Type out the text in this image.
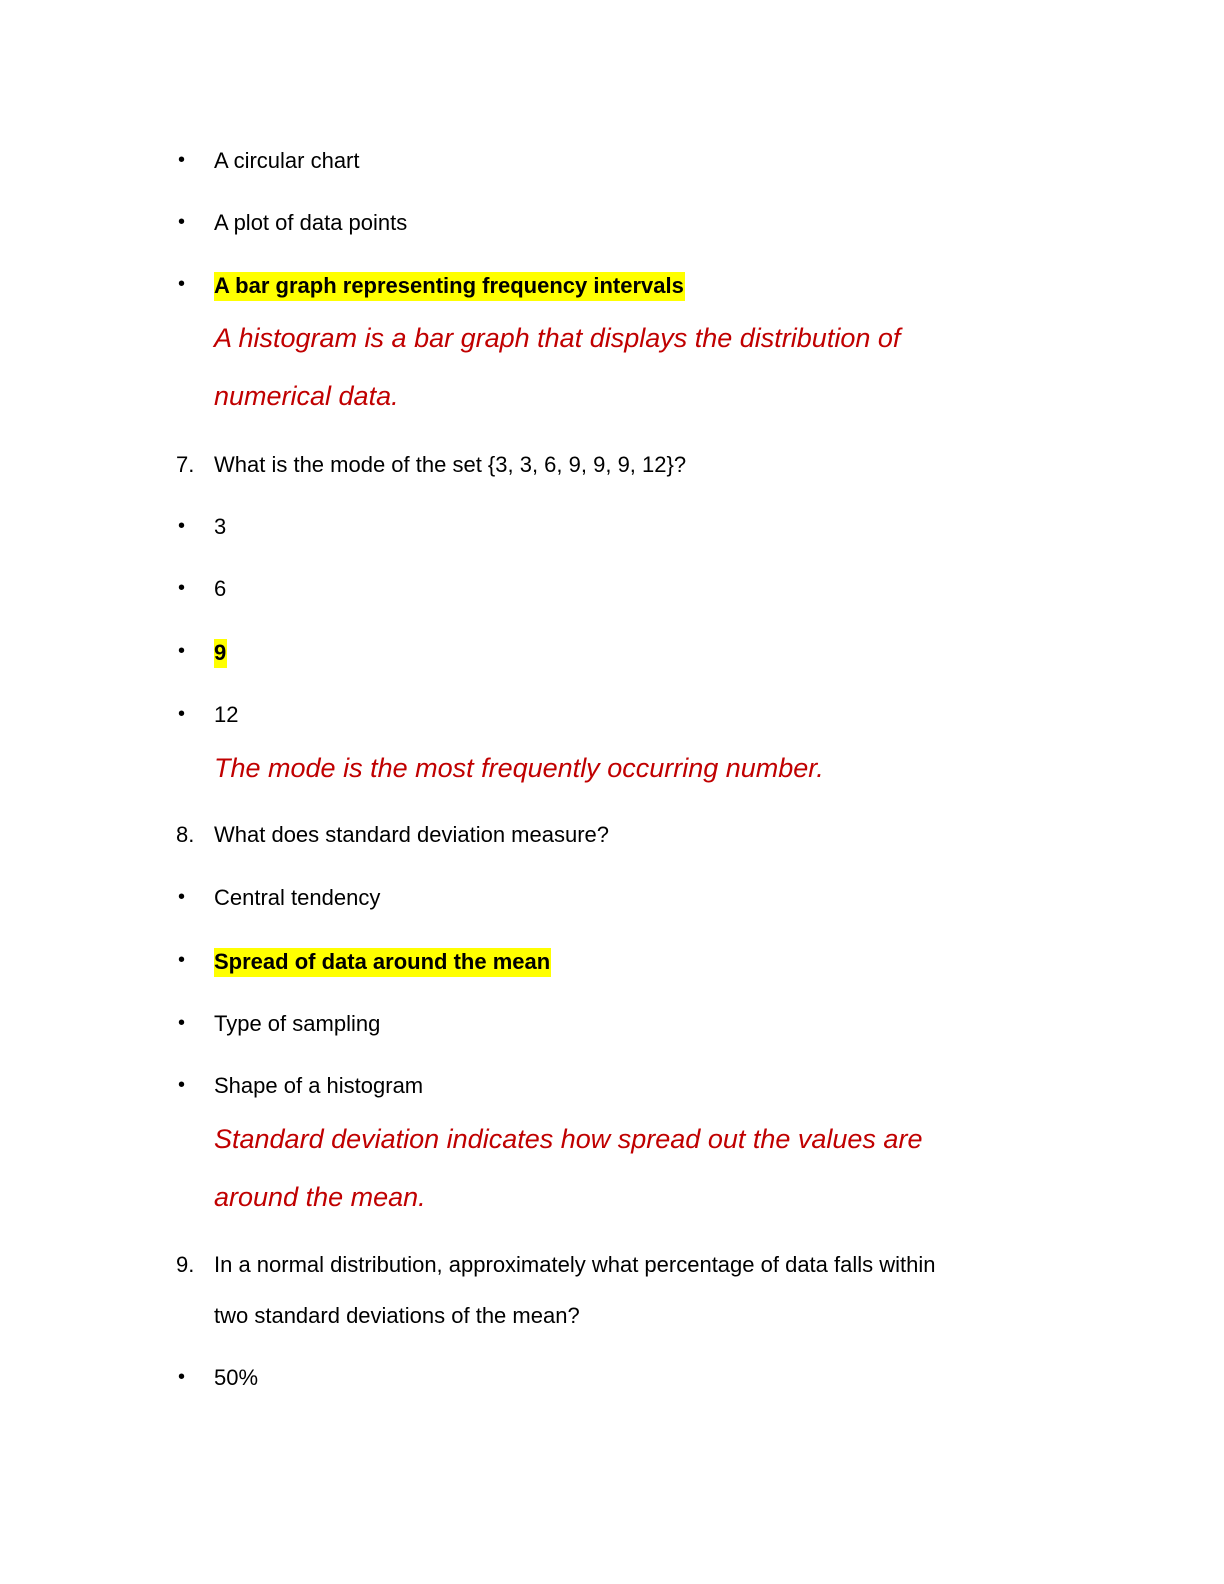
•	A circular chart
•	A plot of data points
•	A bar graph representing frequency intervals
A histogram is a bar graph that displays the distribution of
numerical data.
7. What is the mode of the set {3, 3, 6, 9, 9, 9, 12}?
•	3
•	6
•	9
•	12
The mode is the most frequently occurring number.
8. What does standard deviation measure?
•	Central tendency
•	Spread of data around the mean
•	Type of sampling
•	Shape of a histogram
Standard deviation indicates how spread out the values are
around the mean.
9. In a normal distribution, approximately what percentage of data falls within
two standard deviations of the mean?
•	50%
